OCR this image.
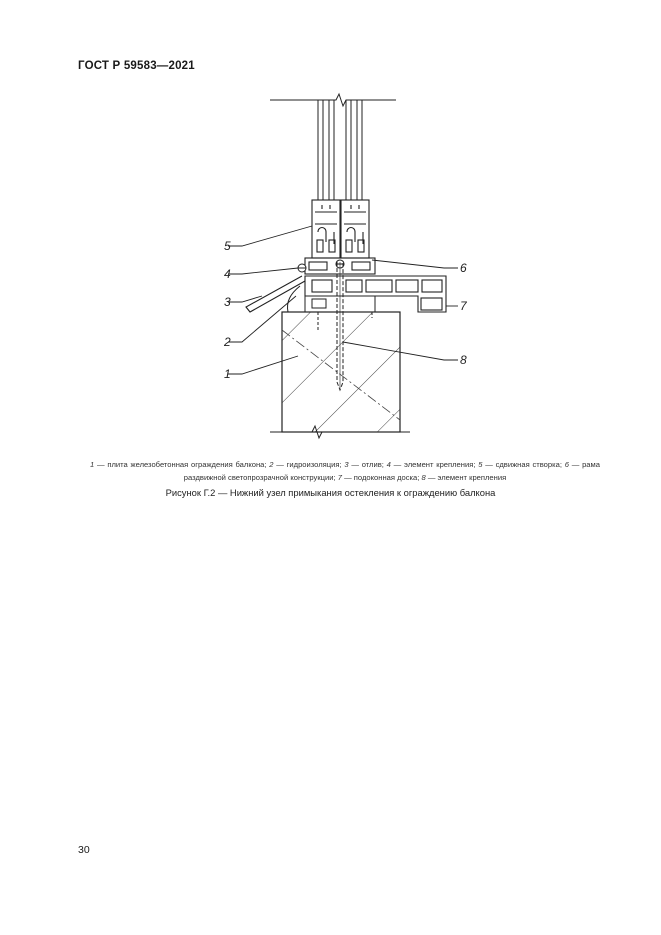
ГОСТ Р 59583—2021
5
6
4
3	7
2
8
1
1 — плита железобетонная ограждения балкона; 2 — гидроизоляция; 3 — отлив; 4 — элемент крепления; 5 — сдвижная створка; 6 — рама раздвижной светопрозрачной конструкции; 7 — подоконная доска; 8 — элемент крепления
Рисунок Г.2 — Нижний узел примыкания остекления к ограждению балкона
30
